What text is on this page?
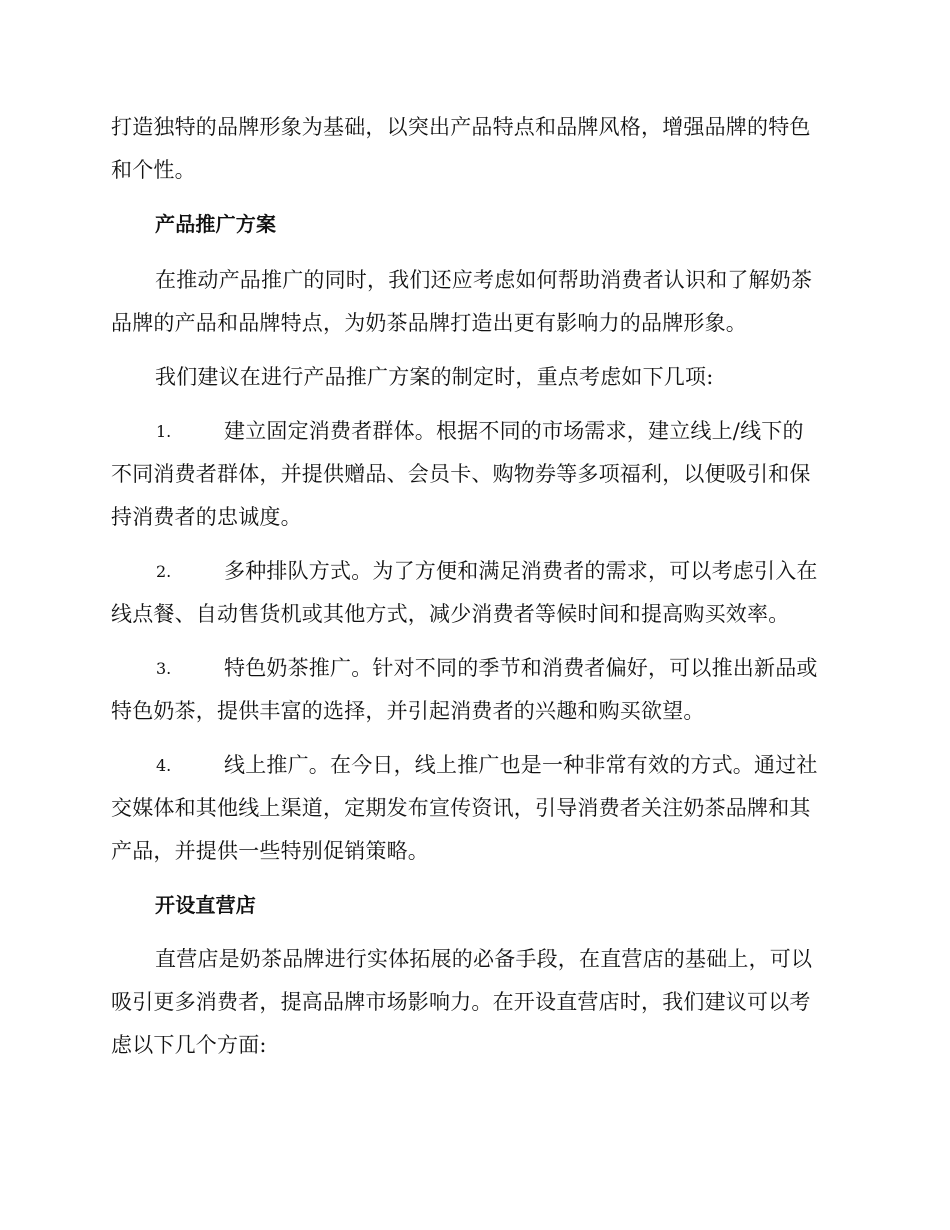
打造独特的品牌形象为基础，以突出产品特点和品牌风格，增强品牌的特色
和个性。
产品推广方案
在推动产品推广的同时，我们还应考虑如何帮助消费者认识和了解奶茶
品牌的产品和品牌特点，为奶茶品牌打造出更有影响力的品牌形象。
我们建议在进行产品推广方案的制定时，重点考虑如下几项:
1.	建立固定消费者群体。根据不同的市场需求，建立线上/线下的
不同消费者群体，并提供赠品、会员卡、购物券等多项福利，以便吸引和保
持消费者的忠诚度。
2.	多种排队方式。为了方便和满足消费者的需求，可以考虑引入在
线点餐、自动售货机或其他方式，减少消费者等候时间和提高购买效率。
3.	特色奶茶推广。针对不同的季节和消费者偏好，可以推出新品或
特色奶茶，提供丰富的选择，并引起消费者的兴趣和购买欲望。
4.	线上推广。在今日，线上推广也是一种非常有效的方式。通过社
交媒体和其他线上渠道，定期发布宣传资讯，引导消费者关注奶茶品牌和其
产品，并提供一些特别促销策略。
开设直营店
直营店是奶茶品牌进行实体拓展的必备手段，在直营店的基础上，可以
吸引更多消费者，提高品牌市场影响力。在开设直营店时，我们建议可以考
虑以下几个方面:
